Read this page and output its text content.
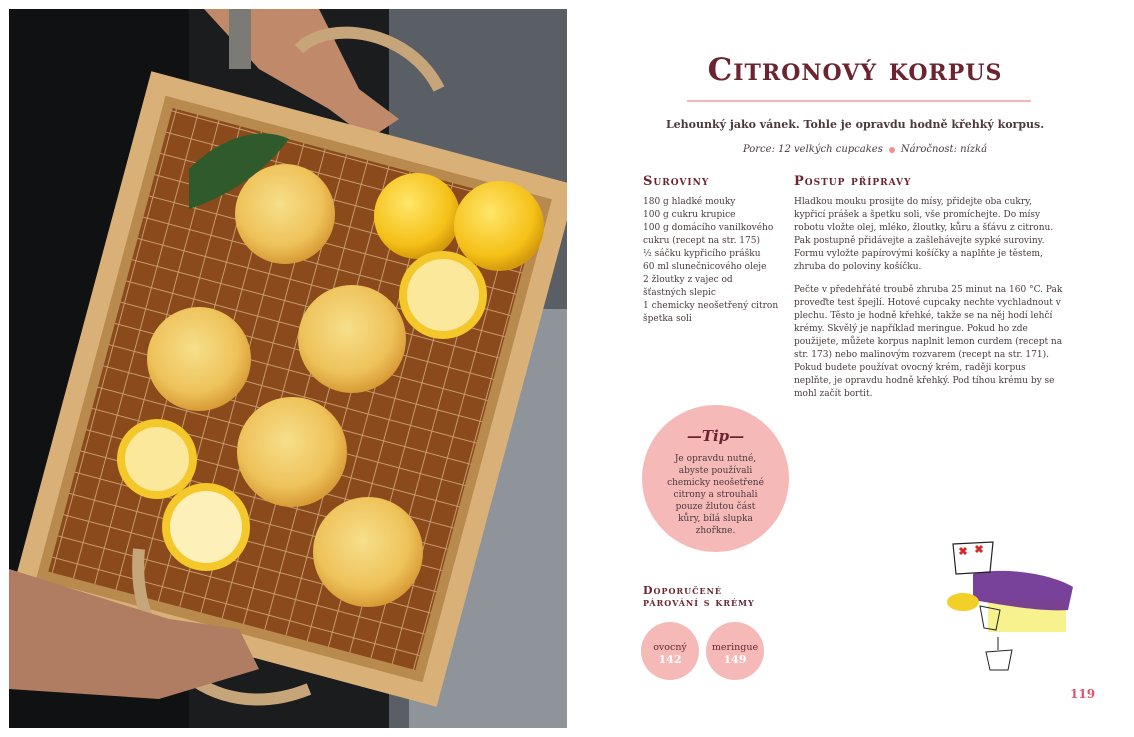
Citronový korpus
Lehounký jako vánek. Tohle je opravdu hodně křehký korpus.
Porce: 12 velkých cupcakes Náročnost: nízká
Suroviny
180 g hladké mouky
100 g cukru krupice
100 g domácího vanilkového
cukru (recept na str. 175)
½ sáčku kypřicího prášku
60 ml slunečnicového oleje
2 žloutky z vajec od
šťastných slepic
1 chemicky neošetřený citron
špetka soli
Postup přípravy

Hladkou mouku prosijte do mísy, přidejte oba cukry, kypřicí prášek a špetku soli, vše promíchejte. Do mísy robotu vložte olej, mléko, žloutky, kůru a šťávu z citronu. Pak postupně přidávejte a zašlehávejte sypké suroviny. Formu vyložte papírovými košíčky a naplňte je těstem, zhruba do poloviny košíčku.

Pečte v předehřáté troubě zhruba 25 minut na 160 °C. Pak proveďte test špejlí. Hotové cupcaky nechte vychladnout v plechu. Těsto je hodně křehké, takže se na něj hodí lehčí krémy. Skvělý je například meringue. Pokud ho zde použijete, můžete korpus naplnit lemon curdem (recept na str. 173) nebo malinovým rozvarem (recept na str. 171). Pokud budete používat ovocný krém, raději korpus neplňte, je opravdu hodně křehký. Pod tíhou krému by se mohl začít bortit.

—Tip—
Je opravdu nutné, abyste používali chemicky neošetřené citrony a strouhali pouze žlutou část kůry, bílá slupka zhořkne.
Doporučené
párování s krémy
ovocný
142
meringue
149
119
